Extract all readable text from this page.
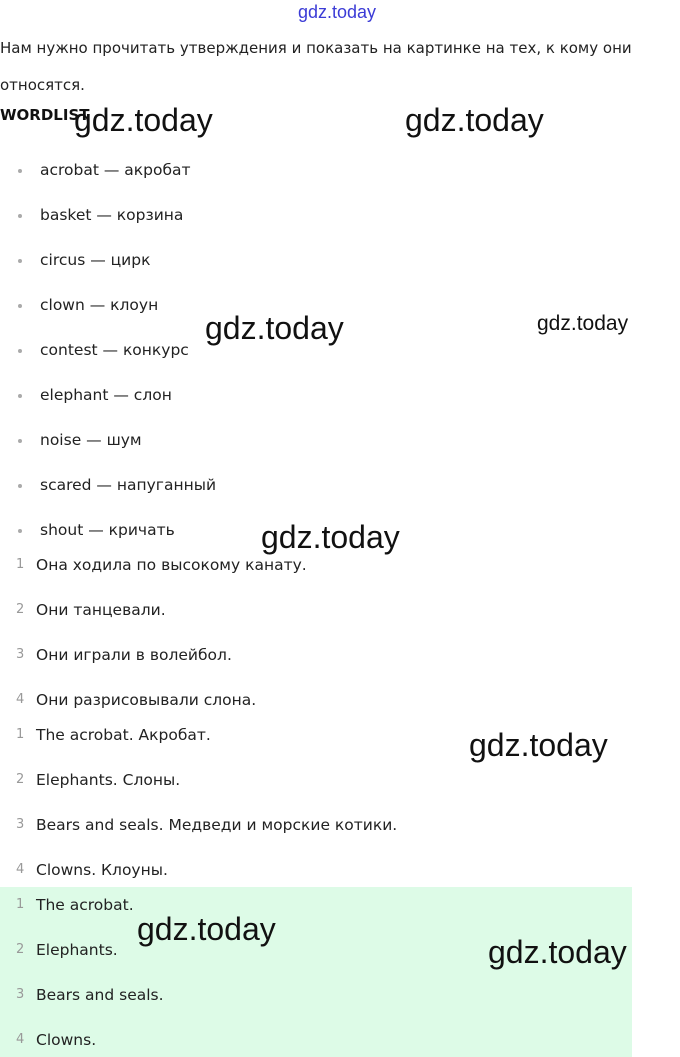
Нам нужно прочитать утверждения и показать на картинке на тех, к кому они
относятся.
WORDLIST
acrobat — акробат
basket — корзина
circus — цирк
clown — клоун
contest — конкурс
elephant — слон
noise — шум
scared — напуганный
shout — кричать
1 Она ходила по высокому канату.
2 Они танцевали.
3 Они играли в волейбол.
4 Они разрисовывали слона.
1 The acrobat. Акробат.
2 Elephants. Слоны.
3 Bears and seals. Медведи и морские котики.
4 Clowns. Клоуны.
1 The acrobat.
2 Elephants.
3 Bears and seals.
4 Clowns.
gdz.today
gdz.today	gdz.today
gdz.today	gdz.today
gdz.today
gdz.today
gdz.today
gdz.today
